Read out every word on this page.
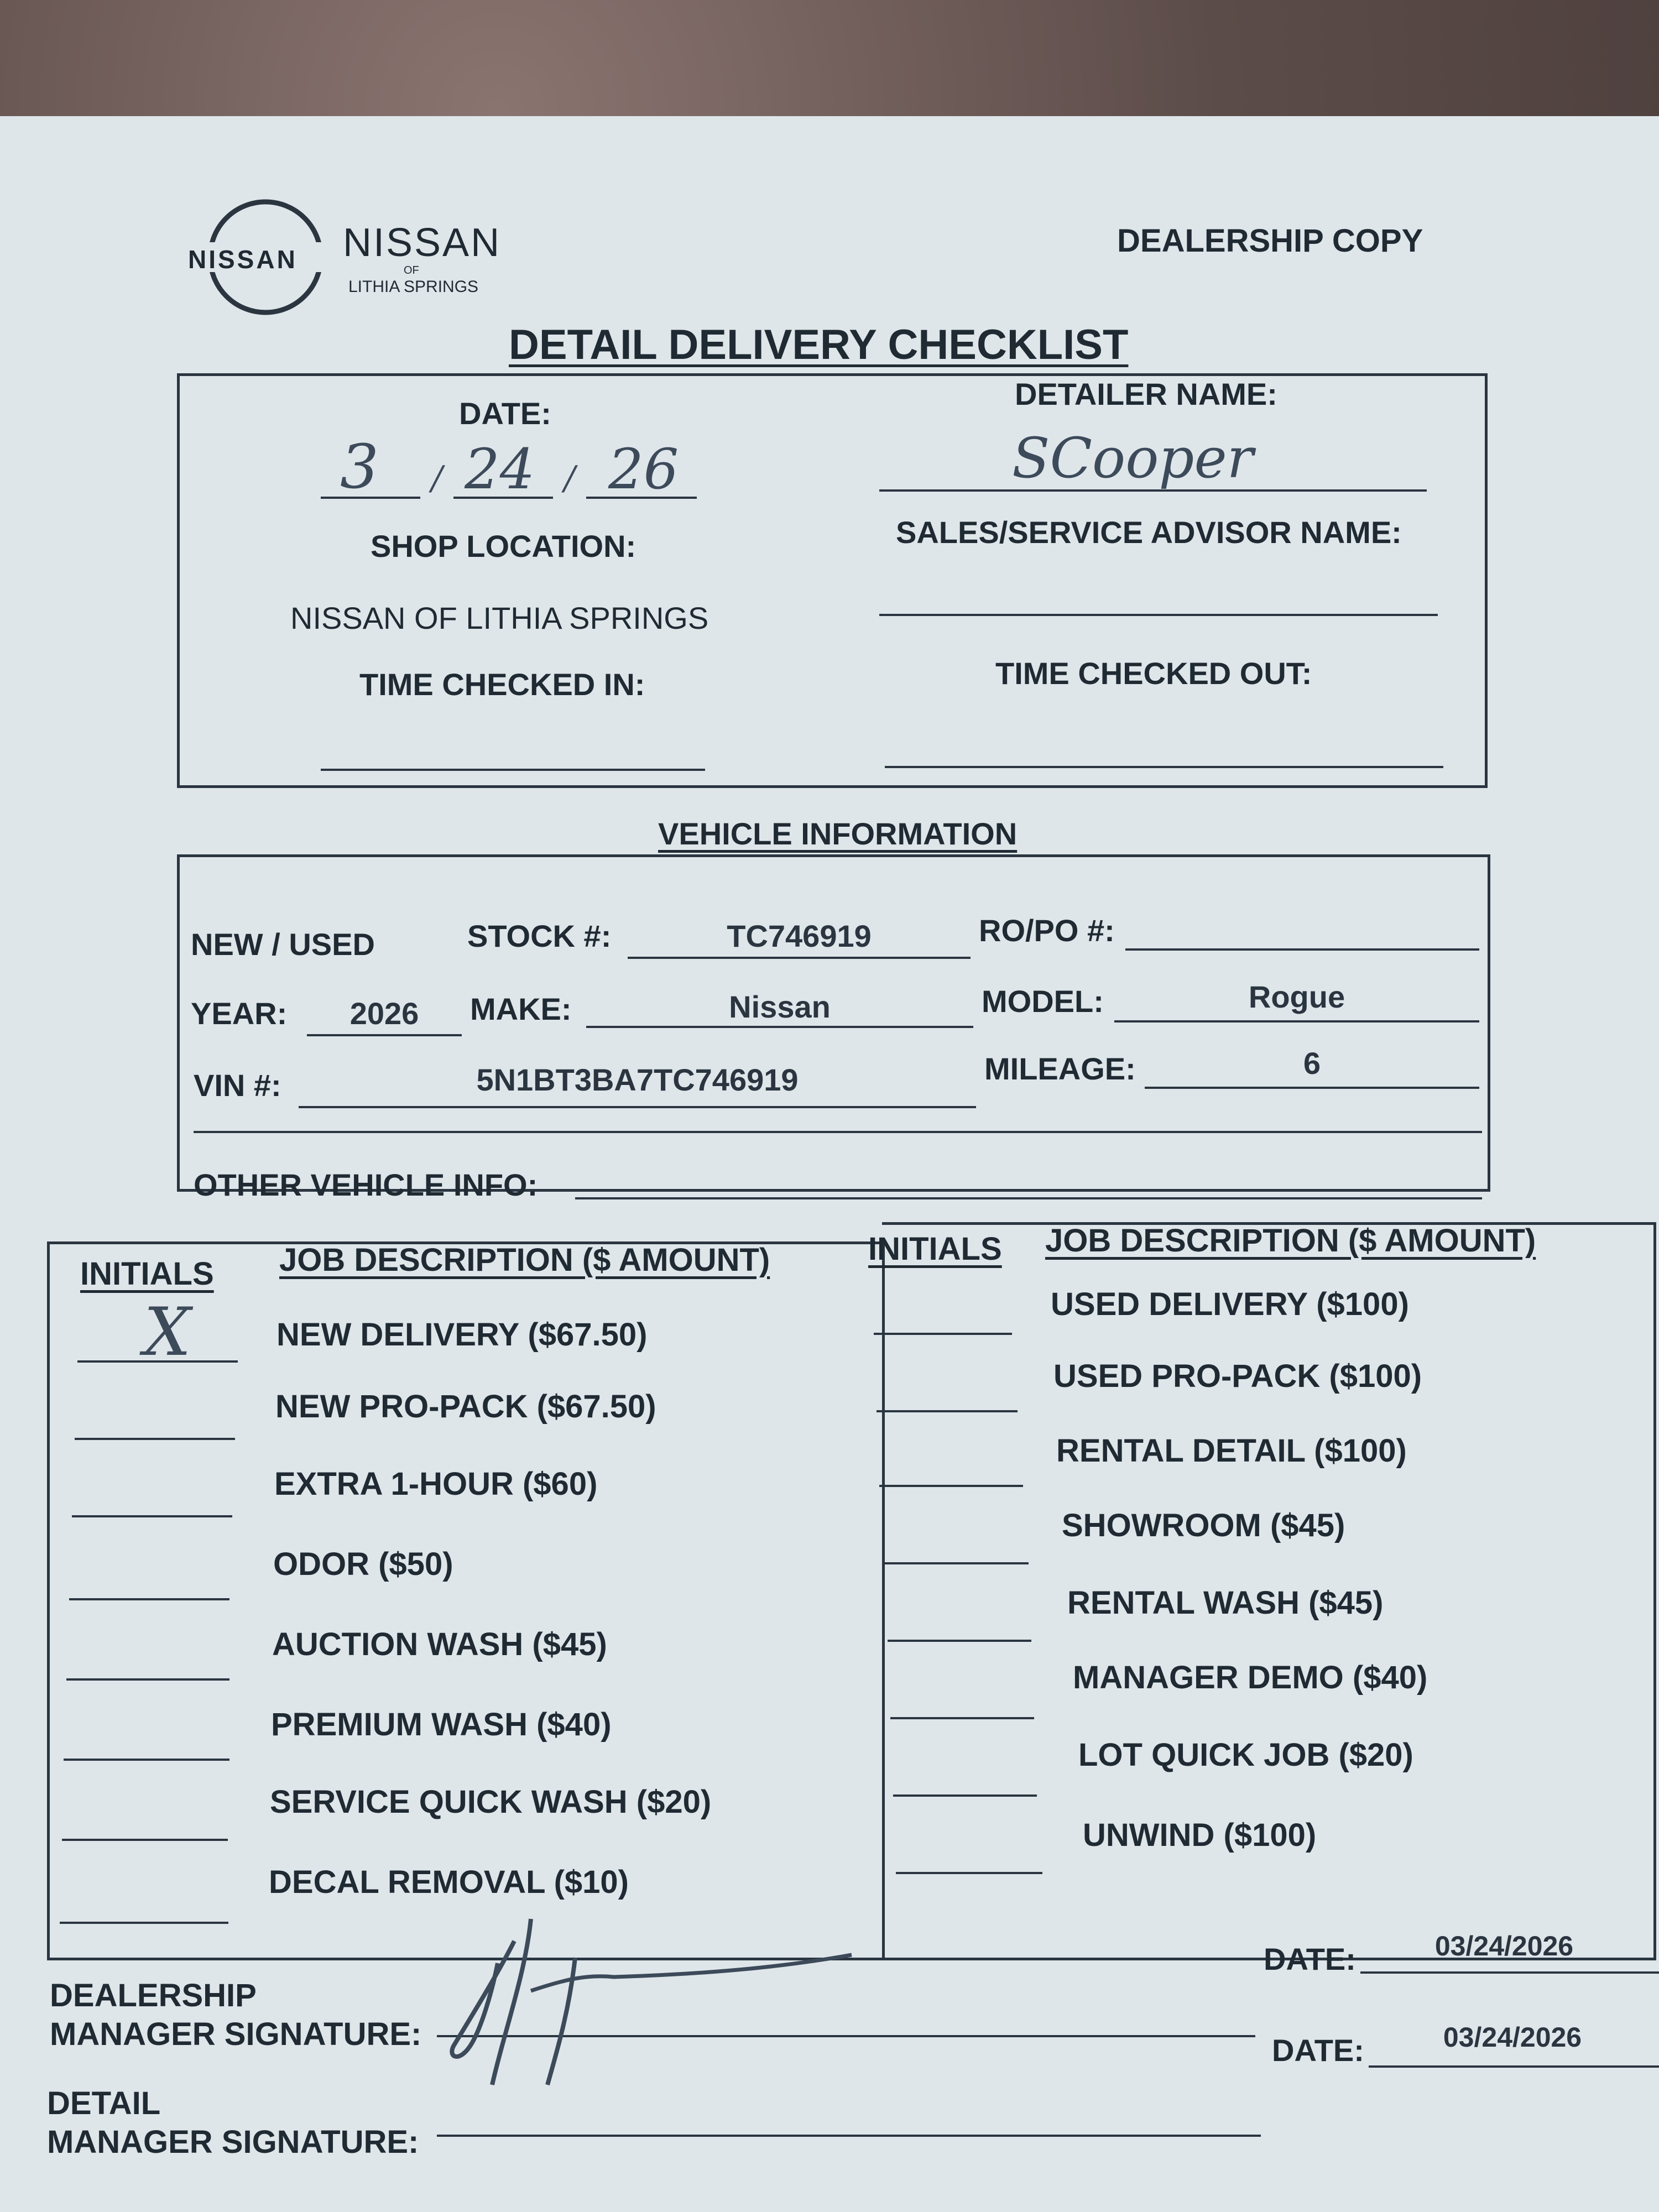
NISSAN NISSAN
OF
LITHIA SPRINGS
DEALERSHIP COPY
DETAIL DELIVERY CHECKLIST
DATE:
3 / 24 / 26
DETAILER NAME:
SCooper
SHOP LOCATION:
NISSAN OF LITHIA SPRINGS
SALES/SERVICE ADVISOR NAME:
TIME CHECKED IN:	TIME CHECKED OUT:
VEHICLE INFORMATION
NEW / USED	STOCK #:	TC746919	RO/PO #:
YEAR:	2026	MAKE:	Nissan	MODEL:	Rogue
VIN #:	5N1BT3BA7TC746919	MILEAGE:	6
OTHER VEHICLE INFO:
INITIALS JOB DESCRIPTION ($ AMOUNT)	INITIALS JOB DESCRIPTION ($ AMOUNT)
X	NEW DELIVERY ($67.50)
NEW PRO-PACK ($67.50)
EXTRA 1-HOUR ($60)
ODOR ($50)
AUCTION WASH ($45)
PREMIUM WASH ($40)
SERVICE QUICK WASH ($20)
DECAL REMOVAL ($10)
USED DELIVERY ($100)
USED PRO-PACK ($100)
RENTAL DETAIL ($100)
SHOWROOM ($45)
RENTAL WASH ($45)
MANAGER DEMO ($40)
LOT QUICK JOB ($20)
UNWIND ($100)
DEALERSHIP
MANAGER SIGNATURE:
DATE:	03/24/2026
DETAIL
MANAGER SIGNATURE:
DATE:	03/24/2026
